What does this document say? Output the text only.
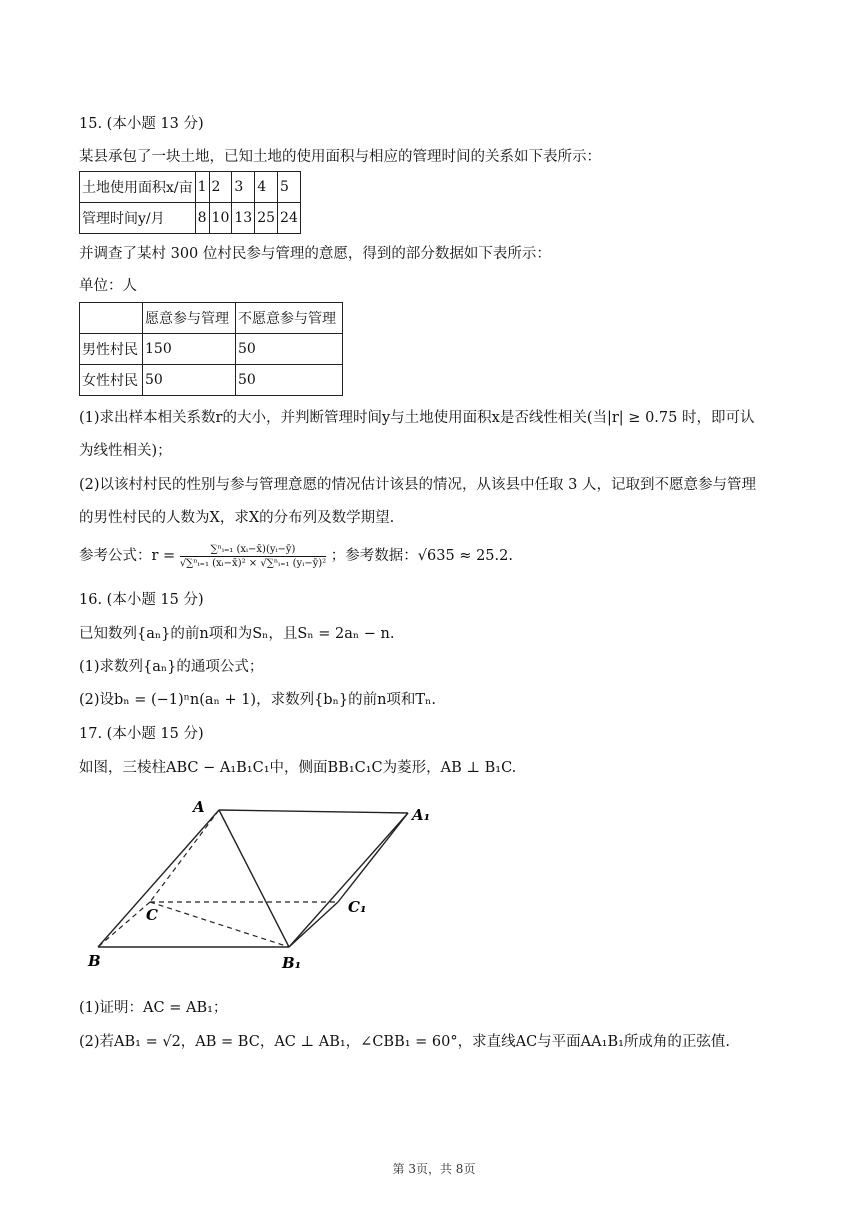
15. (本小题 13 分)
某县承包了一块土地，已知土地的使用面积与相应的管理时间的关系如下表所示：
土地使用面积x/亩	1	2	3	4	5
管理时间y/月	8	10	13	25	24
并调查了某村 300 位村民参与管理的意愿，得到的部分数据如下表所示：
单位：人
	愿意参与管理	不愿意参与管理
男性村民	150	50
女性村民	50	50
(1)求出样本相关系数r的大小，并判断管理时间y与土地使用面积x是否线性相关(当|r| ≥ 0.75 时，即可认
为线性相关)；
(2)以该村村民的性别与参与管理意愿的情况估计该县的情况，从该县中任取 3 人，记取到不愿意参与管理
的男性村民的人数为X，求X的分布列及数学期望.
参考公式：$r = \frac{\text{∑ⁿᵢ₌₁ (xᵢ−x̄)(yᵢ−ȳ)}}{\text{√∑ⁿᵢ₌₁ (xᵢ−x̄)² × √∑ⁿᵢ₌₁ (yᵢ−ȳ)²}}$ ；参考数据：√635 ≈ 25.2.
16. (本小题 15 分)
已知数列{aₙ}的前n项和为Sₙ，且Sₙ = 2aₙ − n.
(1)求数列{aₙ}的通项公式；
(2)设bₙ = (−1)ⁿn(aₙ + 1)，求数列{bₙ}的前n项和Tₙ.
17. (本小题 15 分)
如图，三棱柱ABC − A₁B₁C₁中，侧面BB₁C₁C为菱形，AB ⊥ B₁C.
A	A₁
B	B₁
C	C₁
(1)证明：AC = AB₁；
(2)若AB₁ = √2，AB = BC，AC ⊥ AB₁，∠CBB₁ = 60°，求直线AC与平面AA₁B₁所成角的正弦值.
第 3页，共 8页
